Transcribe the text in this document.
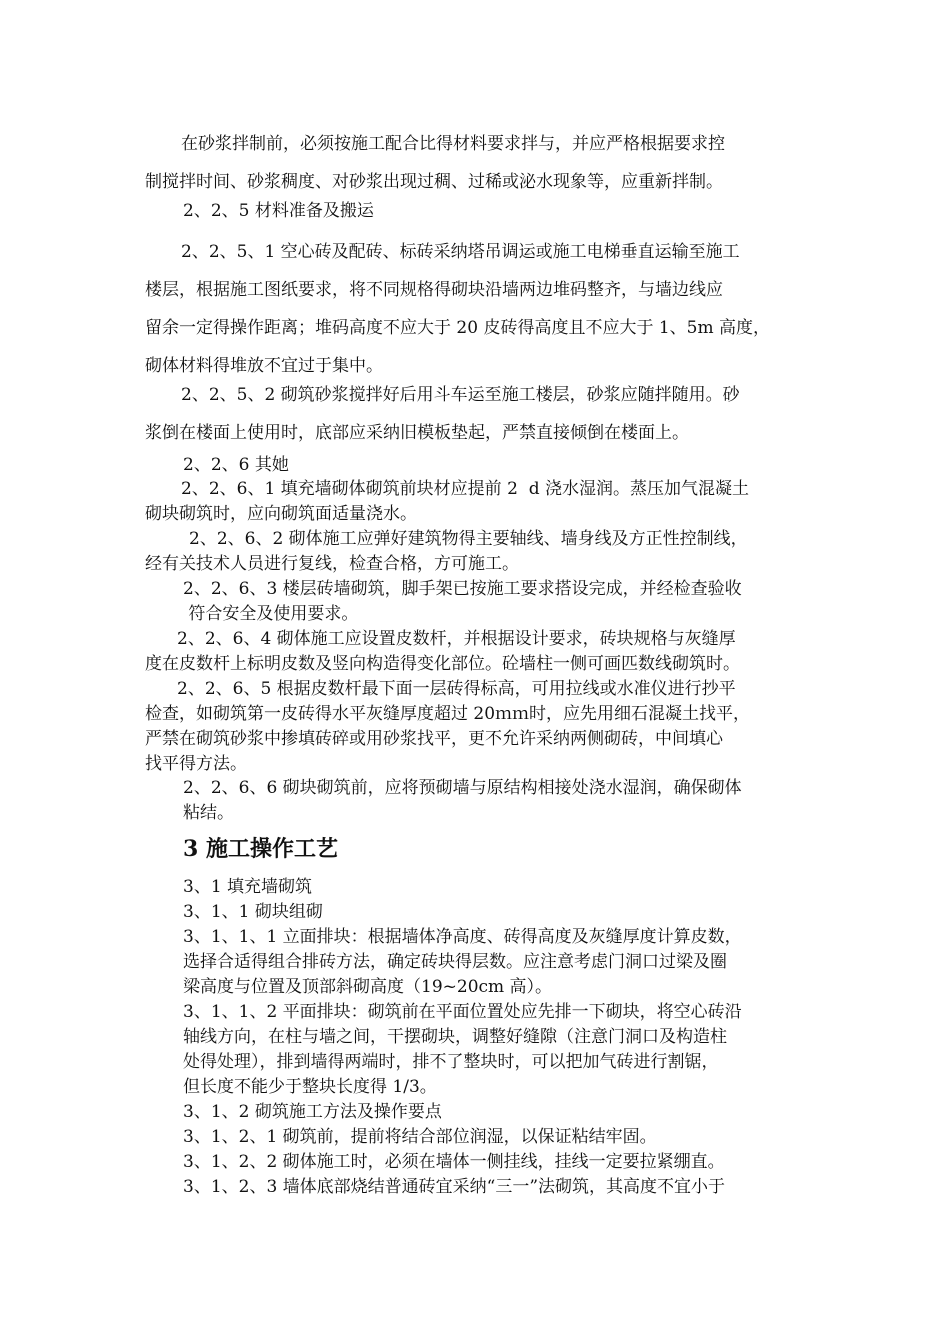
在砂浆拌制前，必须按施工配合比得材料要求拌与，并应严格根据要求控
制搅拌时间、砂浆稠度、对砂浆出现过稠、过稀或泌水现象等，应重新拌制。

2、2、5 材料准备及搬运

2、2、5、1 空心砖及配砖、标砖采纳塔吊调运或施工电梯垂直运输至施工
楼层，根据施工图纸要求，将不同规格得砌块沿墙两边堆码整齐，与墙边线应
留余一定得操作距离；堆码高度不应大于 20 皮砖得高度且不应大于 1、5m 高度，
砌体材料得堆放不宜过于集中。

2、2、5、2 砌筑砂浆搅拌好后用斗车运至施工楼层，砂浆应随拌随用。砂
浆倒在楼面上使用时，底部应采纳旧模板垫起，严禁直接倾倒在楼面上。

2、2、6 其她

2、2、6、1 填充墙砌体砌筑前块材应提前 2  d 浇水湿润。蒸压加气混凝土
砌块砌筑时，应向砌筑面适量浇水。

2、2、6、2 砌体施工应弹好建筑物得主要轴线、墙身线及方正性控制线，
经有关技术人员进行复线，检查合格，方可施工。

2、2、6、3 楼层砖墙砌筑，脚手架已按施工要求搭设完成，并经检查验收
符合安全及使用要求。

2、2、6、4 砌体施工应设置皮数杆，并根据设计要求，砖块规格与灰缝厚
度在皮数杆上标明皮数及竖向构造得变化部位。砼墙柱一侧可画匹数线砌筑时。

2、2、6、5 根据皮数杆最下面一层砖得标高，可用拉线或水准仪进行抄平
检查，如砌筑第一皮砖得水平灰缝厚度超过 20ｍｍ时，应先用细石混凝土找平，
严禁在砌筑砂浆中掺填砖碎或用砂浆找平，更不允许采纳两侧砌砖，中间填心
找平得方法。

2、2、6、6 砌块砌筑前，应将预砌墙与原结构相接处浇水湿润，确保砌体
粘结。

3 施工操作工艺

3、1 填充墙砌筑

3、1、1 砌块组砌

3、1、1、1 立面排块：根据墙体净高度、砖得高度及灰缝厚度计算皮数，
选择合适得组合排砖方法，确定砖块得层数。应注意考虑门洞口过梁及圈
梁高度与位置及顶部斜砌高度（19~20cm 高）。

3、1、1、2 平面排块：砌筑前在平面位置处应先排一下砌块，将空心砖沿
轴线方向，在柱与墙之间，干摆砌块，调整好缝隙（注意门洞口及构造柱
处得处理），排到墙得两端时，排不了整块时，可以把加气砖进行割锯，
但长度不能少于整块长度得 1/3。

3、1、2 砌筑施工方法及操作要点

3、1、2、1 砌筑前，提前将结合部位润湿，以保证粘结牢固。

3、1、2、2 砌体施工时，必须在墙体一侧挂线，挂线一定要拉紧绷直。

3、1、2、3 墙体底部烧结普通砖宜采纳“三一”法砌筑，其高度不宜小于
